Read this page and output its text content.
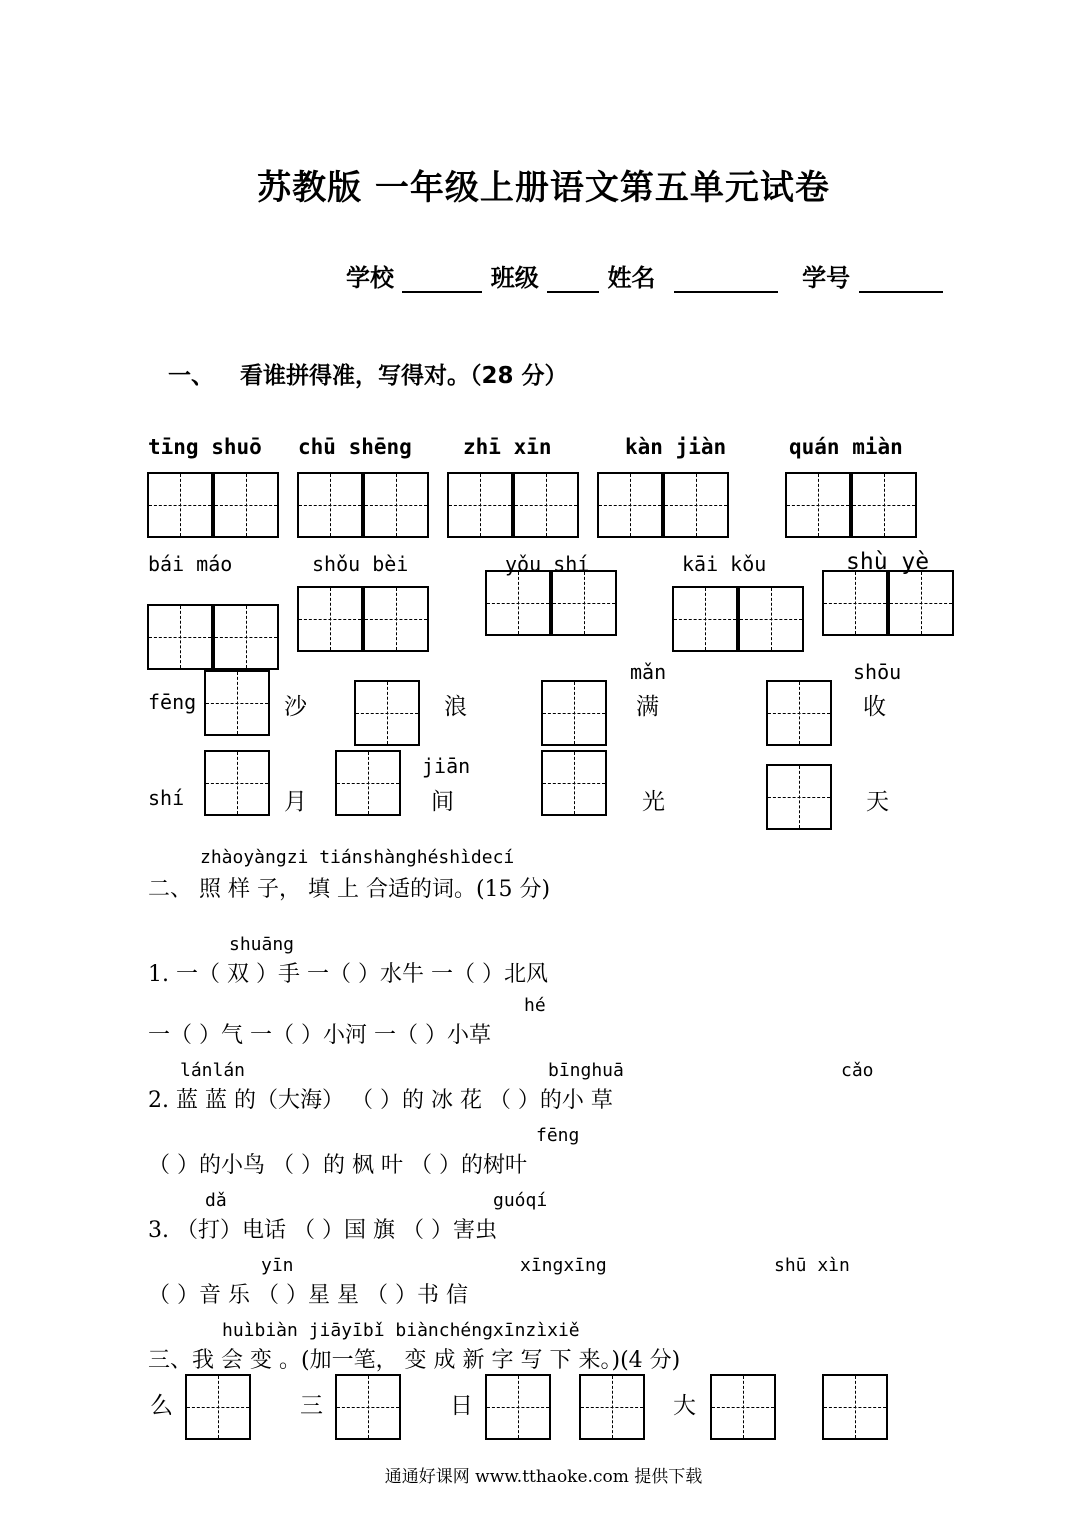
苏教版 一年级上册语文第五单元试卷
学校	班级	姓名	学号
一、 看谁拼得准，写得对。（28 分）
tīng shuō chū shēng zhī xīn	kàn jiàn	quán miàn
bái máo	shǒu bèi	yǒu shí	kāi kǒu	shù yè
fēng	沙	浪
mǎn
满
shōu
收
shí	月
jiān
间	光	天
zhàoyàngzi tiánshànghéshìdecí
二、 照 样 子， 填 上 合适的词。(15 分)
shuāng
1. 一（ 双 ）手 一（ ）水牛 一（ ）北风
hé
一（ ）气 一（ ）小河 一（ ）小草
lánlán	bīnghuā	cǎo
2. 蓝 蓝 的（大海） （ ）的 冰 花 （ ）的小 草
fēng
（ ）的小鸟 （ ）的 枫 叶 （ ）的树叶
dǎ	guóqí
3. （打）电话 （ ）国 旗 （ ）害虫
yīn	xīngxīng	shū xìn
（ ）音 乐 （ ）星 星 （ ）书 信
huìbiàn jiāyībǐ biànchéngxīnzìxiě
三、我 会 变 。(加一笔， 变 成 新 字 写 下 来。)(4 分)
么	三	日	大
通通好课网 www.tthaoke.com 提供下载
